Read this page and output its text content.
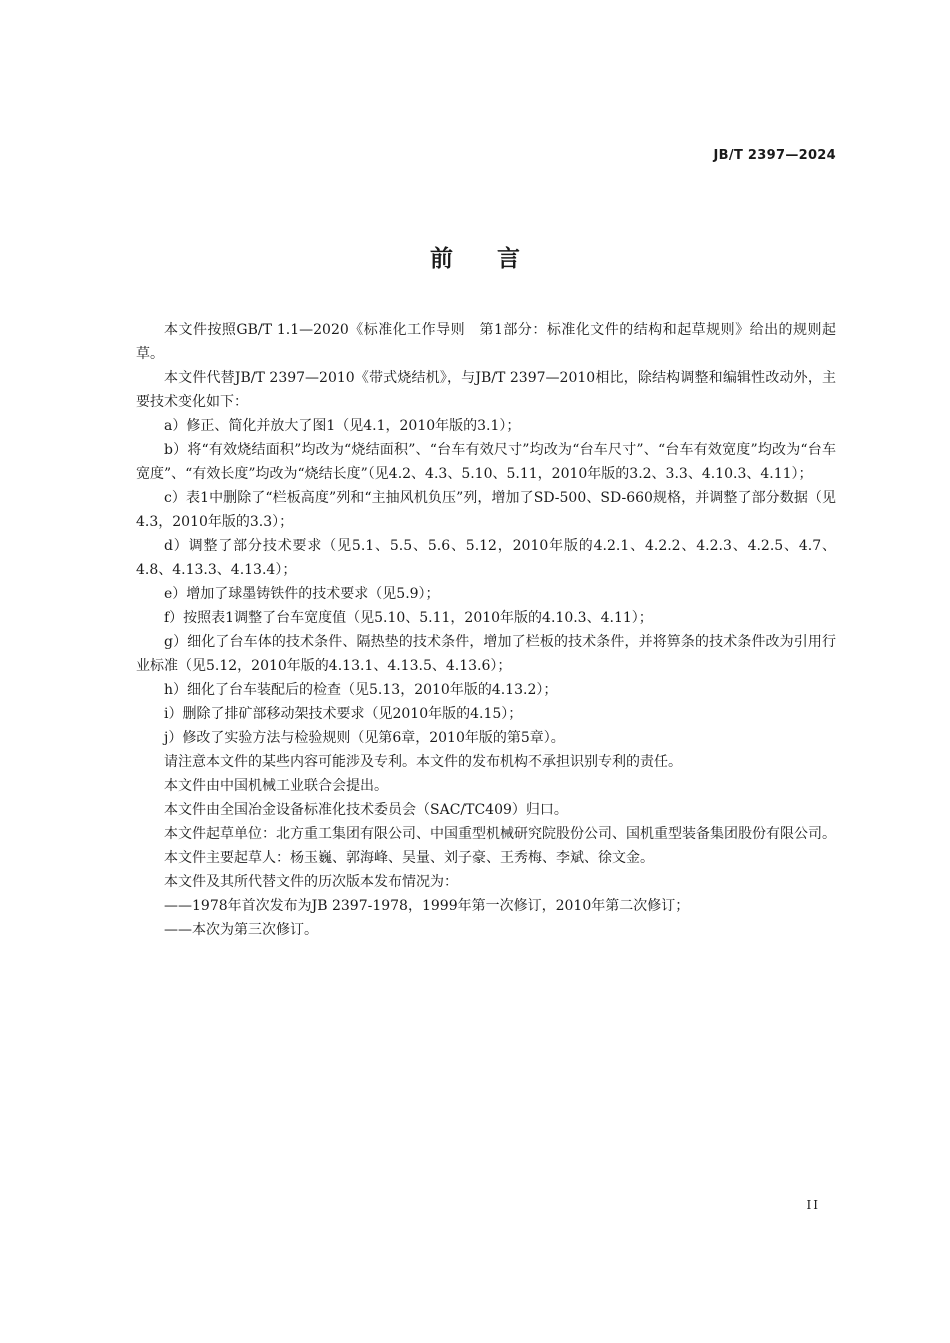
JB/T 2397—2024
前言

本文件按照GB/T 1.1—2020《标准化工作导则　第1部分：标准化文件的结构和起草规则》给出的规则起草。

本文件代替JB/T 2397—2010《带式烧结机》，与JB/T 2397—2010相比，除结构调整和编辑性改动外，主要技术变化如下：

a）修正、简化并放大了图1（见4.1，2010年版的3.1）；

b）将“有效烧结面积”均改为“烧结面积”、“台车有效尺寸”均改为“台车尺寸”、“台车有效宽度”均改为“台车宽度”、“有效长度”均改为“烧结长度”（见4.2、4.3、5.10、5.11，2010年版的3.2、3.3、4.10.3、4.11）；

c）表1中删除了“栏板高度”列和“主抽风机负压”列，增加了SD-500、SD-660规格，并调整了部分数据（见4.3，2010年版的3.3）；

d）调整了部分技术要求（见5.1、5.5、5.6、5.12，2010年版的4.2.1、4.2.2、4.2.3、4.2.5、4.7、4.8、4.13.3、4.13.4）；

e）增加了球墨铸铁件的技术要求（见5.9）；

f）按照表1调整了台车宽度值（见5.10、5.11，2010年版的4.10.3、4.11）；

g）细化了台车体的技术条件、隔热垫的技术条件，增加了栏板的技术条件，并将箅条的技术条件改为引用行业标准（见5.12，2010年版的4.13.1、4.13.5、4.13.6）；

h）细化了台车装配后的检查（见5.13，2010年版的4.13.2）；

i）删除了排矿部移动架技术要求（见2010年版的4.15）；

j）修改了实验方法与检验规则（见第6章，2010年版的第5章）。

请注意本文件的某些内容可能涉及专利。本文件的发布机构不承担识别专利的责任。

本文件由中国机械工业联合会提出。

本文件由全国冶金设备标准化技术委员会（SAC/TC409）归口。

本文件起草单位：北方重工集团有限公司、中国重型机械研究院股份公司、国机重型装备集团股份有限公司。

本文件主要起草人：杨玉巍、郭海峰、吴量、刘子豪、王秀梅、李斌、徐文金。

本文件及其所代替文件的历次版本发布情况为：

——1978年首次发布为JB 2397-1978，1999年第一次修订，2010年第二次修订；

——本次为第三次修订。

II
